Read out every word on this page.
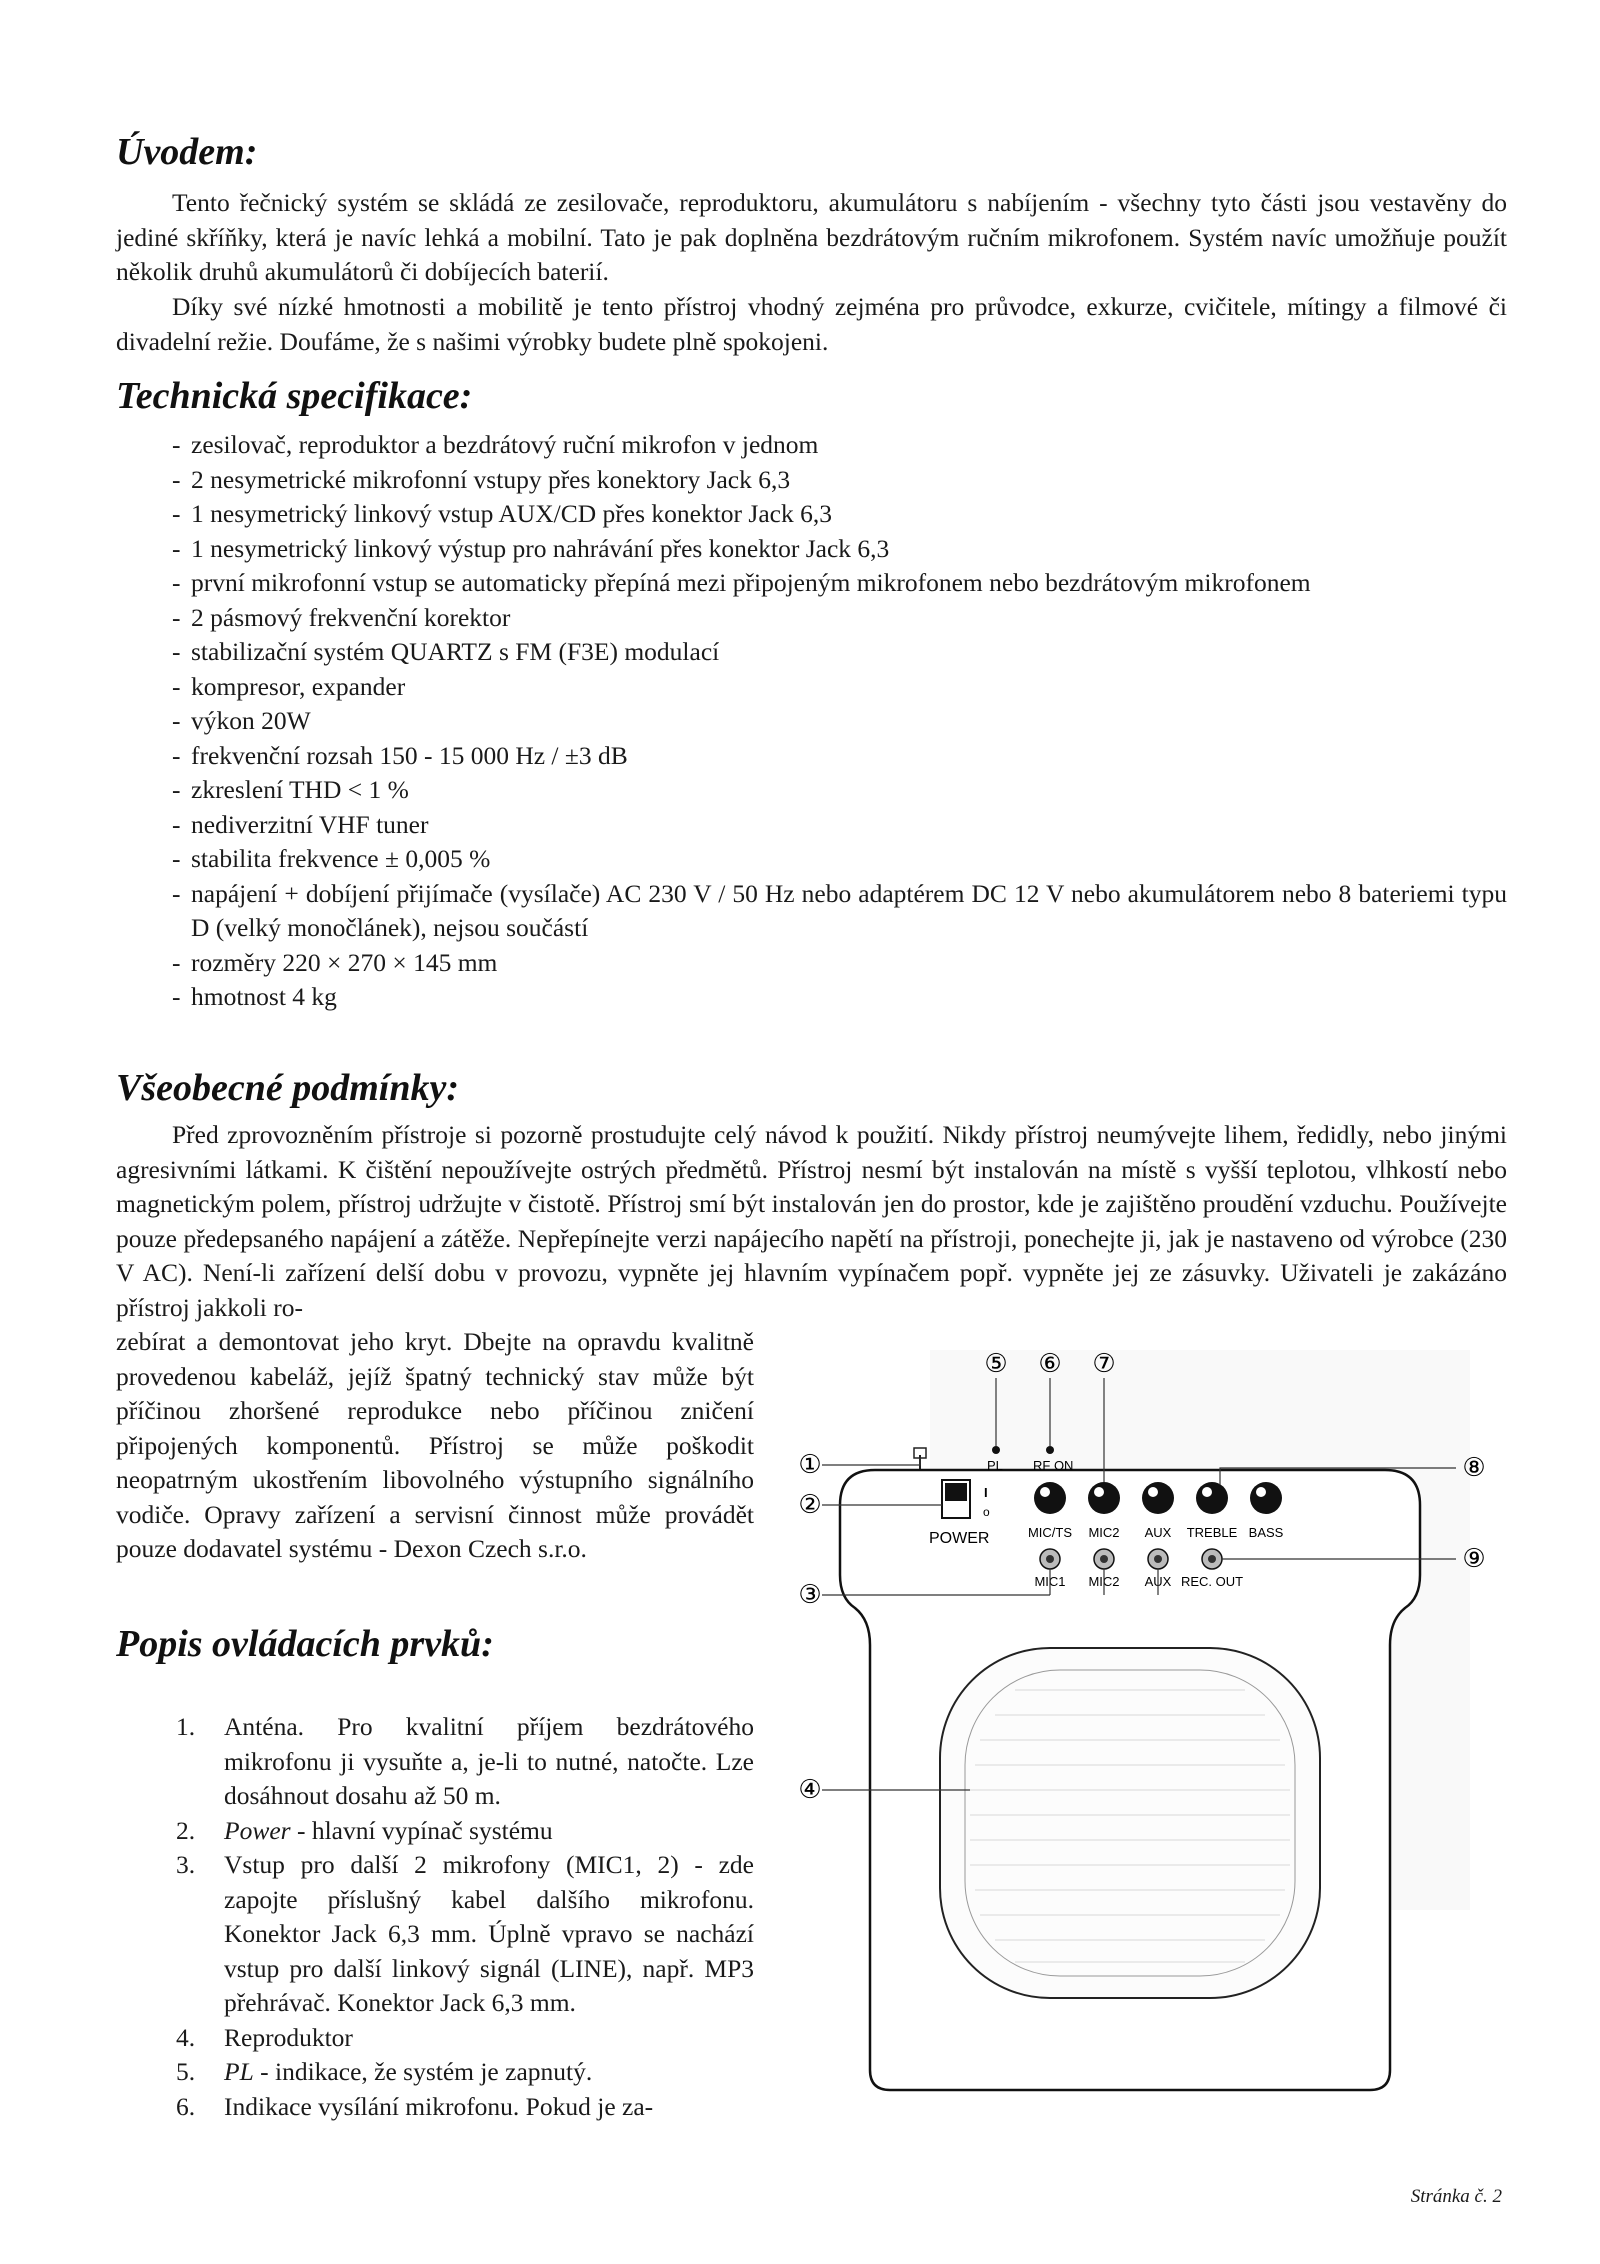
Úvodem:

Tento řečnický systém se skládá ze zesilovače, reproduktoru, akumulátoru s nabíjením - všechny tyto části jsou vestavěny do jediné skříňky, která je navíc lehká a mobilní. Tato je pak doplněna bezdrátovým ručním mikrofonem. Systém navíc umožňuje použít několik druhů akumulátorů či dobíjecích baterií.

Díky své nízké hmotnosti a mobilitě je tento přístroj vhodný zejména pro průvodce, exkurze, cvičitele, mítingy a filmové či divadelní režie. Doufáme, že s našimi výrobky budete plně spokojeni.

Technická specifikace:
- zesilovač, reproduktor a bezdrátový ruční mikrofon v jednom
- 2 nesymetrické mikrofonní vstupy přes konektory Jack 6,3
- 1 nesymetrický linkový vstup AUX/CD přes konektor Jack 6,3
- 1 nesymetrický linkový výstup pro nahrávání přes konektor Jack 6,3
- první mikrofonní vstup se automaticky přepíná mezi připojeným mikrofonem nebo bezdrátovým mikrofonem
- 2 pásmový frekvenční korektor
- stabilizační systém QUARTZ s FM (F3E) modulací
- kompresor, expander
- výkon 20W
- frekvenční rozsah 150 - 15 000 Hz / ±3 dB
- zkreslení THD < 1 %
- nediverzitní VHF tuner
- stabilita frekvence ± 0,005 %
- napájení + dobíjení přijímače (vysílače) AC 230 V / 50 Hz nebo adaptérem DC 12 V nebo akumulátorem nebo 8 bateriemi typu D (velký monočlánek), nejsou součástí
- rozměry 220 × 270 × 145 mm
- hmotnost 4 kg
Všeobecné podmínky:

Před zprovozněním přístroje si pozorně prostudujte celý návod k použití. Nikdy přístroj neumývejte lihem, ředidly, nebo jinými agresivními látkami. K čištění nepoužívejte ostrých předmětů. Přístroj nesmí být instalován na místě s vyšší teplotou, vlhkostí nebo magnetickým polem, přístroj udržujte v čistotě. Přístroj smí být instalován jen do prostor, kde je zajištěno proudění vzduchu. Používejte pouze předepsaného napájení a zátěže. Nepřepínejte verzi napájecího napětí na přístroji, ponechejte ji, jak je nastaveno od výrobce (230 V AC). Není-li zařízení delší dobu v provozu, vypněte jej hlavním vypínačem popř. vypněte jej ze zásuvky. Uživateli je zakázáno přístroj jakkoli ro-

zebírat a demontovat jeho kryt. Dbejte na opravdu kvalitně provedenou kabeláž, jejíž špatný technický stav může být příčinou zhoršené reprodukce nebo příčinou zničení připojených komponentů. Přístroj se může poškodit neopatrným ukostřením libovolného výstupního signálního vodiče. Opravy zařízení a servisní činnost může provádět pouze dodavatel systému - Dexon Czech s.r.o.

Popis ovládacích prvků:
1. Anténa. Pro kvalitní příjem bezdrátového mikrofonu ji vysuňte a, je-li to nutné, natočte. Lze dosáhnout dosahu až 50 m.
2. Power - hlavní vypínač systému
3. Vstup pro další 2 mikrofony (MIC1, 2) - zde zapojte příslušný kabel dalšího mikrofonu. Konektor Jack 6,3 mm. Úplně vpravo se nachází vstup pro další linkový signál (LINE), např. MP3 přehrávač. Konektor Jack 6,3 mm.
4. Reproduktor
5. PL - indikace, že systém je zapnutý.
6. Indikace vysílání mikrofonu. Pokud je za-
I
o
POWER
PL RF ON
MIC/TS MIC2 AUX TREBLE BASS
MIC1 MIC2 AUX REC. OUT
①
②
③
④
⑤ ⑥ ⑦
⑧
⑨
Stránka č. 2
